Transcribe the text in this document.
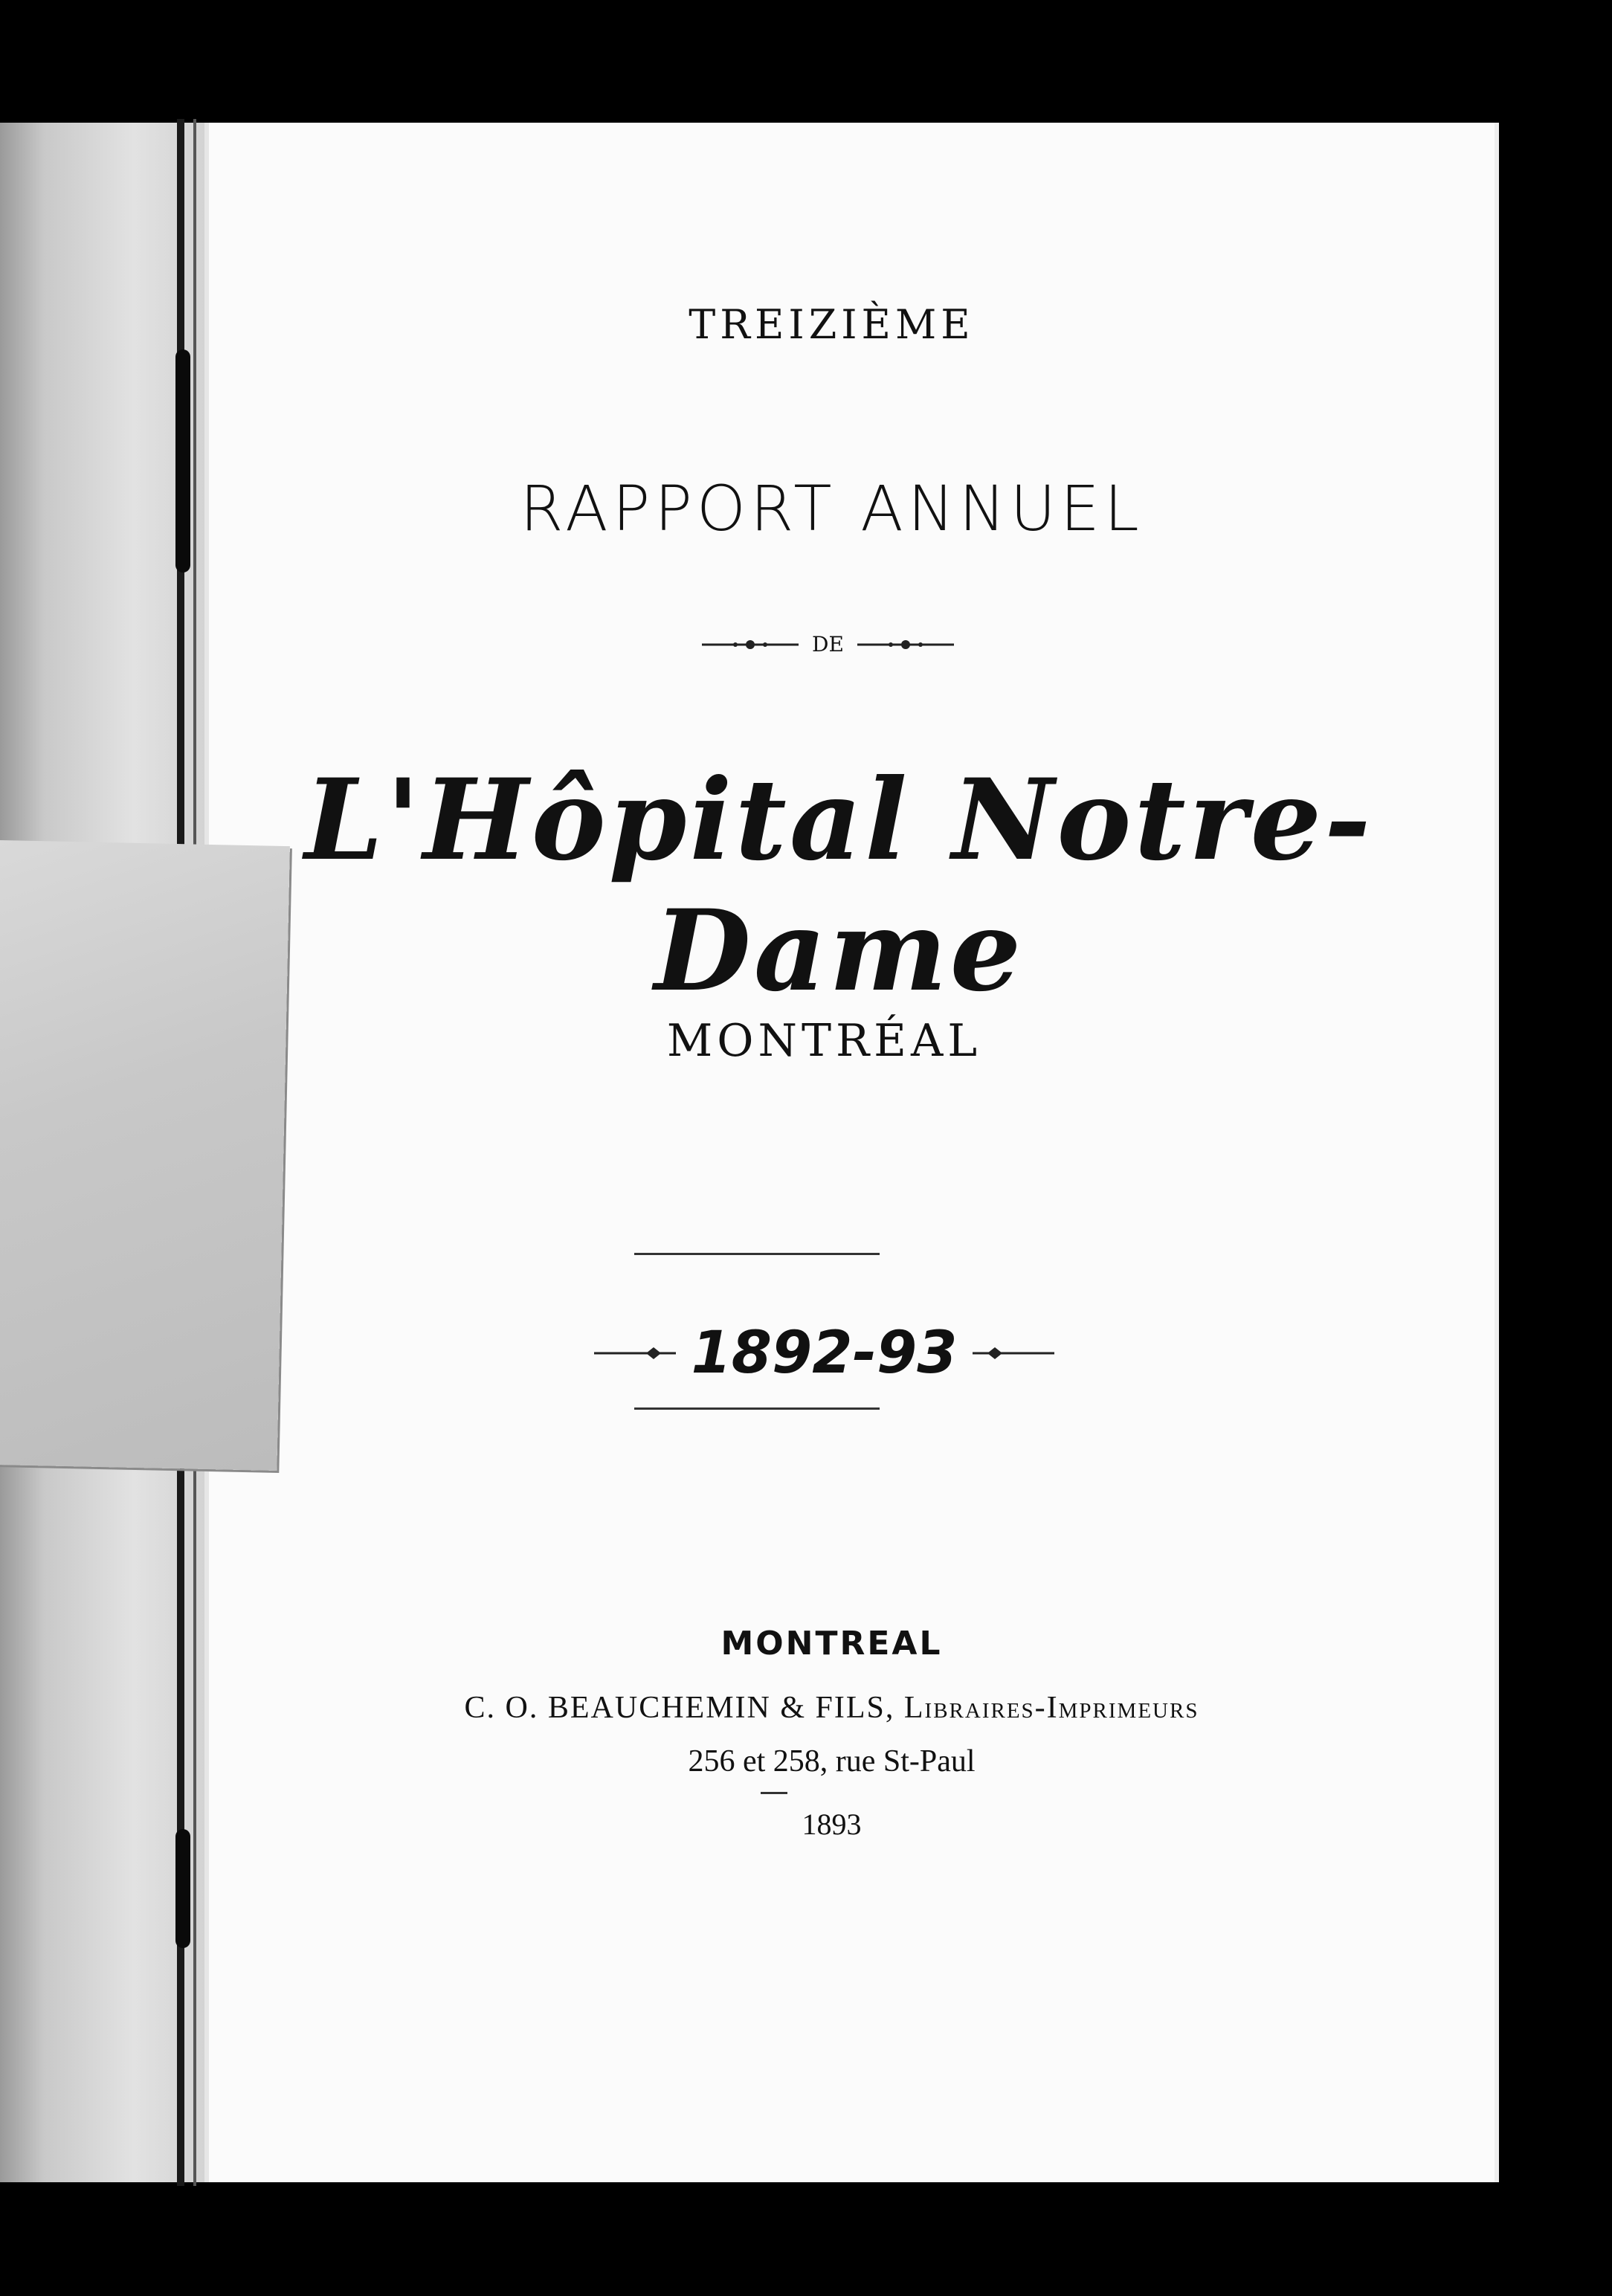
TREIZIÈME
RAPPORT ANNUEL
DE
L'Hôpital Notre-Dame
MONTRÉAL
1892-93
MONTREAL
C. O. BEAUCHEMIN & FILS, Libraires-Imprimeurs
256 et 258, rue St-Paul
1893
